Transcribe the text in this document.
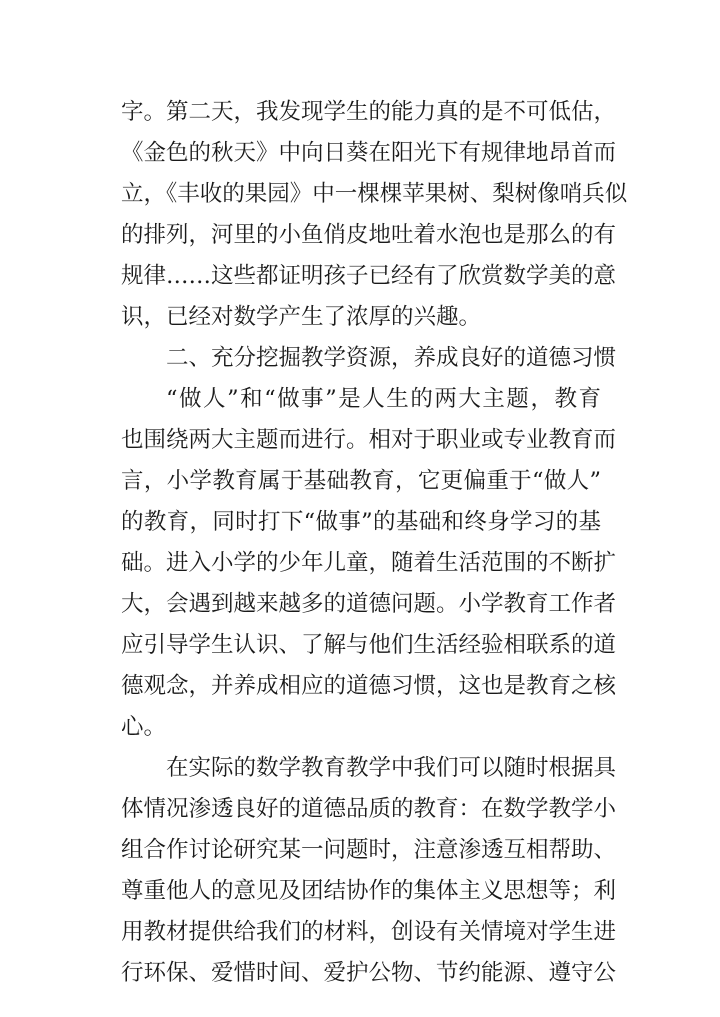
字。第二天，我发现学生的能力真的是不可低估，
《金色的秋天》中向日葵在阳光下有规律地昂首而
立，《丰收的果园》中一棵棵苹果树、梨树像哨兵似
的排列，河里的小鱼俏皮地吐着水泡也是那么的有
规律……这些都证明孩子已经有了欣赏数学美的意
识，已经对数学产生了浓厚的兴趣。
二、充分挖掘教学资源，养成良好的道德习惯
“做人”和“做事”是人生的两大主题，教育
也围绕两大主题而进行。相对于职业或专业教育而
言，小学教育属于基础教育，它更偏重于“做人”
的教育，同时打下“做事”的基础和终身学习的基
础。进入小学的少年儿童，随着生活范围的不断扩
大，会遇到越来越多的道德问题。小学教育工作者
应引导学生认识、了解与他们生活经验相联系的道
德观念，并养成相应的道德习惯，这也是教育之核
心。
在实际的数学教育教学中我们可以随时根据具
体情况渗透良好的道德品质的教育：在数学教学小
组合作讨论研究某一问题时，注意渗透互相帮助、
尊重他人的意见及团结协作的集体主义思想等；利
用教材提供给我们的材料，创设有关情境对学生进
行环保、爱惜时间、爱护公物、节约能源、遵守公
